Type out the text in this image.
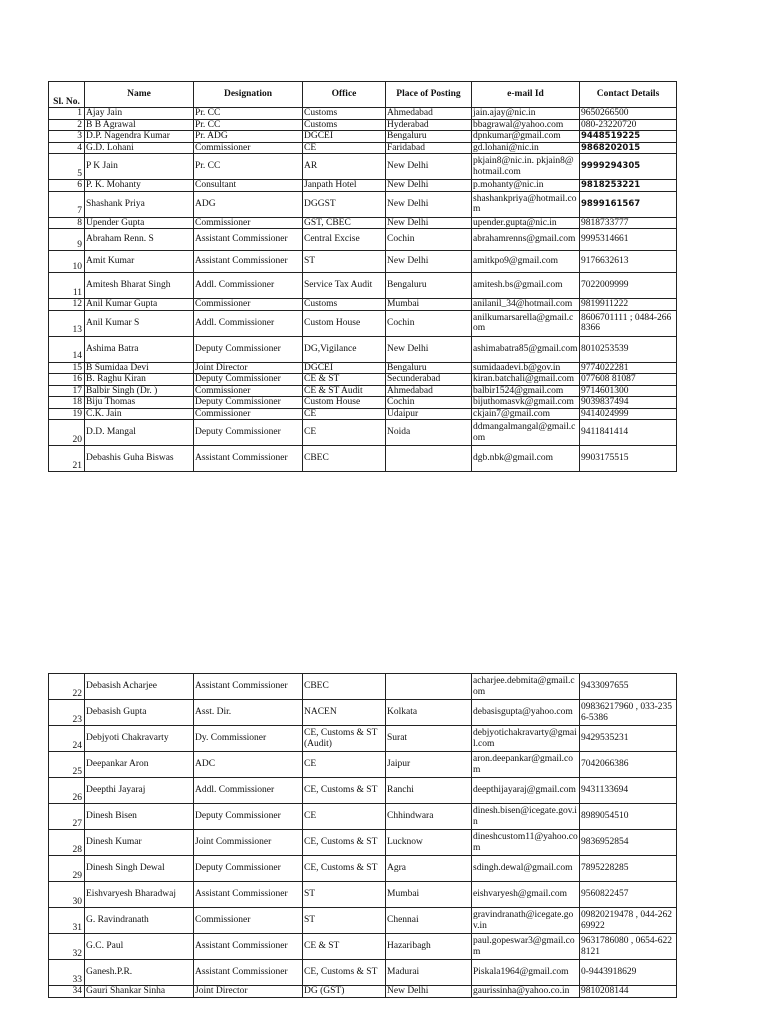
Sl. No.	Name	Designation	Office	Place of Posting	e-mail Id	Contact Details
1	Ajay Jain	Pr. CC	Customs	Ahmedabad	jain.ajay@nic.in	9650266500
2	B B Agrawal	Pr. CC	Customs	Hyderabad	bbagrawal@yahoo.com	080-23220720
3	D.P. Nagendra Kumar	Pr. ADG	DGCEI	Bengaluru	dpnkumar@gmail.com	9448519225
4	G.D. Lohani	Commissioner	CE	Faridabad	gd.lohani@nic.in	9868202015
5	P K Jain	Pr. CC	AR	New Delhi	pkjain8@nic.in. pkjain8@hotmail.com	9999294305
6	P. K. Mohanty	Consultant	Janpath Hotel	New Delhi	p.mohanty@nic.in	9818253221
7	Shashank Priya	ADG	DGGST	New Delhi	shashankpriya@hotmail.com	9899161567
8	Upender Gupta	Commissioner	GST, CBEC	New Delhi	upender.gupta@nic.in	9818733777
9	Abraham Renn. S	Assistant Commissioner	Central Excise	Cochin	abrahamrenns@gmail.com	9995314661
10	Amit Kumar	Assistant Commissioner	ST	New Delhi	amitkpo9@gmail.com	9176632613
11	Amitesh Bharat Singh	Addl. Commissioner	Service Tax Audit	Bengaluru	amitesh.bs@gmail.com	7022009999
12	Anil Kumar Gupta	Commissioner	Customs	Mumbai	anilanil_34@hotmail.com	9819911222
13	Anil Kumar S	Addl. Commissioner	Custom House	Cochin	anilkumarsarella@gmail.com	8606701111 ; 0484-2668366
14	Ashima Batra	Deputy Commissioner	DG,Vigilance	New Delhi	ashimabatra85@gmail.com	8010253539
15	B Sumidaa Devi	Joint Director	DGCEI	Bengaluru	sumidaadevi.b@gov.in	9774022281
16	B. Raghu Kiran	Deputy Commissioner	CE & ST	Secunderabad	kiran.batchali@gmail.com	077608 81087
17	Balbir Singh (Dr. )	Commissioner	CE & ST Audit	Ahmedabad	balbir1524@gmail.com	9714601300
18	Biju Thomas	Deputy Commissioner	Custom House	Cochin	bijuthomasvk@gmail.com	9039837494
19	C.K. Jain	Commissioner	CE	Udaipur	ckjain7@gmail.com	9414024999
20	D.D. Mangal	Deputy Commissioner	CE	Noida	ddmangalmangal@gmail.com	9411841414
21	Debashis Guha Biswas	Assistant Commissioner	CBEC		dgb.nbk@gmail.com	9903175515
22	Debasish Acharjee	Assistant Commissioner	CBEC		acharjee.debmita@gmail.com	9433097655
23	Debasish Gupta	Asst. Dir.	NACEN	Kolkata	debasisgupta@yahoo.com	09836217960 , 033-2356-5386
24	Debjyoti Chakravarty	Dy. Commissioner	CE, Customs & ST (Audit)	Surat	debjyotichakravarty@gmail.com	9429535231
25	Deepankar Aron	ADC	CE	Jaipur	aron.deepankar@gmail.com	7042066386
26	Deepthi Jayaraj	Addl. Commissioner	CE, Customs & ST	Ranchi	deepthijayaraj@gmail.com	9431133694
27	Dinesh Bisen	Deputy Commissioner	CE	Chhindwara	dinesh.bisen@icegate.gov.in	8989054510
28	Dinesh Kumar	Joint Commissioner	CE, Customs & ST	Lucknow	dineshcustom11@yahoo.com	9836952854
29	Dinesh Singh Dewal	Deputy Commissioner	CE, Customs & ST	Agra	sdingh.dewal@gmail.com	7895228285
30	Eishvaryesh Bharadwaj	Assistant Commissioner	ST	Mumbai	eishvaryesh@gmail.com	9560822457
31	G. Ravindranath	Commissioner	ST	Chennai	gravindranath@icegate.gov.in	09820219478 , 044-26269922
32	G.C. Paul	Assistant Commissioner	CE & ST	Hazaribagh	paul.gopeswar3@gmail.com	9631786080 , 0654-6228121
33	Ganesh.P.R.	Assistant Commissioner	CE, Customs & ST	Madurai	Piskala1964@gmail.com	0-9443918629
34	Gauri Shankar Sinha	Joint Director	DG (GST)	New Delhi	gaurissinha@yahoo.co.in	9810208144
